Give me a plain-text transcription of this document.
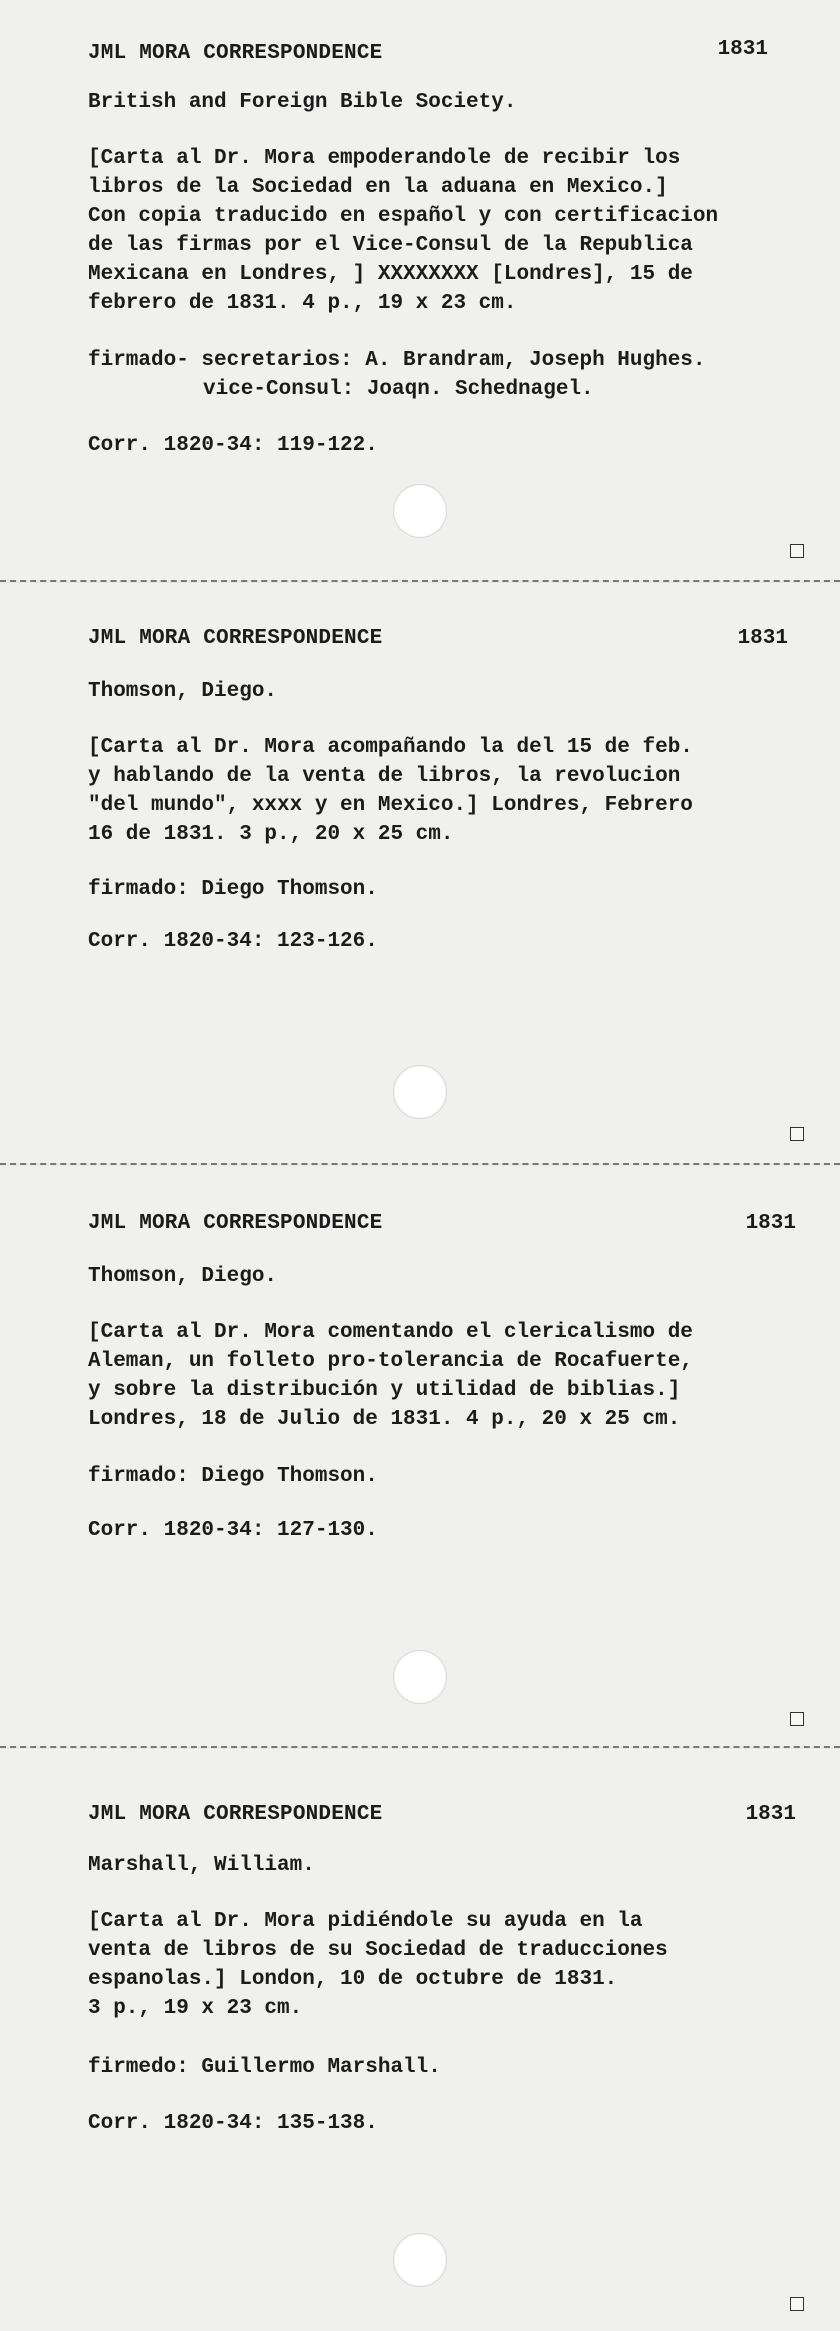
JML MORA CORRESPONDENCE	1831
British and Foreign Bible Society.
[Carta al Dr. Mora empoderandole de recibir los
libros de la Sociedad en la aduana en Mexico.]
Con copia traducido en español y con certificacion
de las firmas por el Vice-Consul de la Republica
Mexicana en Londres, ] XXXXXXXX [Londres], 15 de
febrero de 1831. 4 p., 19 x 23 cm.
firmado- secretarios: A. Brandram, Joseph Hughes.
vice-Consul: Joaqn. Schednagel.
Corr. 1820-34: 119-122.
JML MORA CORRESPONDENCE	1831
Thomson, Diego.
[Carta al Dr. Mora acompañando la del 15 de feb.
y hablando de la venta de libros, la revolucion
"del mundo", xxxx y en Mexico.] Londres, Febrero
16 de 1831. 3 p., 20 x 25 cm.
firmado: Diego Thomson.
Corr. 1820-34: 123-126.
JML MORA CORRESPONDENCE	1831
Thomson, Diego.
[Carta al Dr. Mora comentando el clericalismo de
Aleman, un folleto pro-tolerancia de Rocafuerte,
y sobre la distribución y utilidad de biblias.]
Londres, 18 de Julio de 1831. 4 p., 20 x 25 cm.
firmado: Diego Thomson.
Corr. 1820-34: 127-130.
JML MORA CORRESPONDENCE	1831
Marshall, William.
[Carta al Dr. Mora pidiéndole su ayuda en la
venta de libros de su Sociedad de traducciones
espanolas.] London, 10 de octubre de 1831.
3 p., 19 x 23 cm.
firmedo: Guillermo Marshall.
Corr. 1820-34: 135-138.
